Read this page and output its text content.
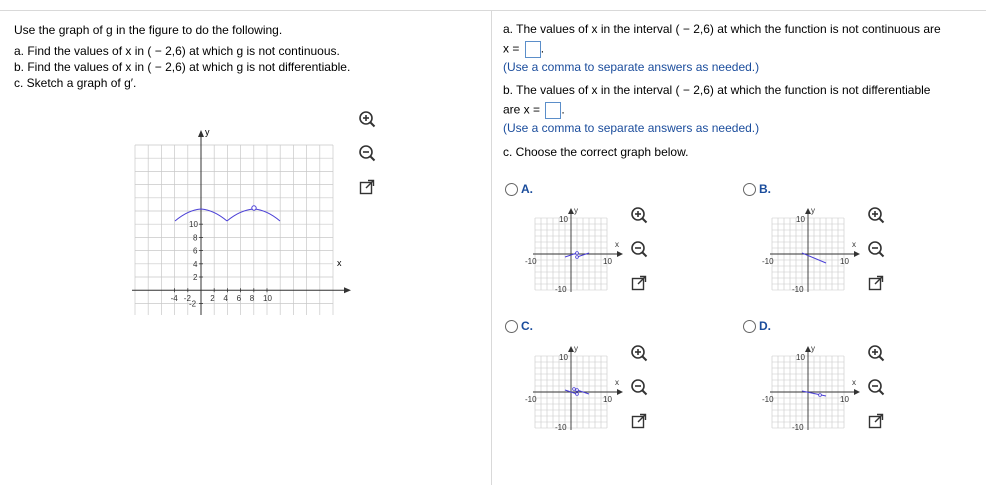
Use the graph of g in the figure to do the following.
a. Find the values of x in ( − 2,6) at which g is not continuous.
b. Find the values of x in ( − 2,6) at which g is not differentiable.
c. Sketch a graph of g′.
-4 -2 2 4 6 8 10
10
8
6
4
2
-2
y
x
a. The values of x in the interval ( − 2,6) at which the function is not continuous are
x = .
(Use a comma to separate answers as needed.)
b. The values of x in the interval ( − 2,6) at which the function is not differentiable
are x = .
(Use a comma to separate answers as needed.)
c. Choose the correct graph below.
A.	B.
C.	D.
y
x
10
-10
-10	10
y
x
10
-10
-10	10
y
x
10
-10
-10	10
y
x
10
-10
-10	10
